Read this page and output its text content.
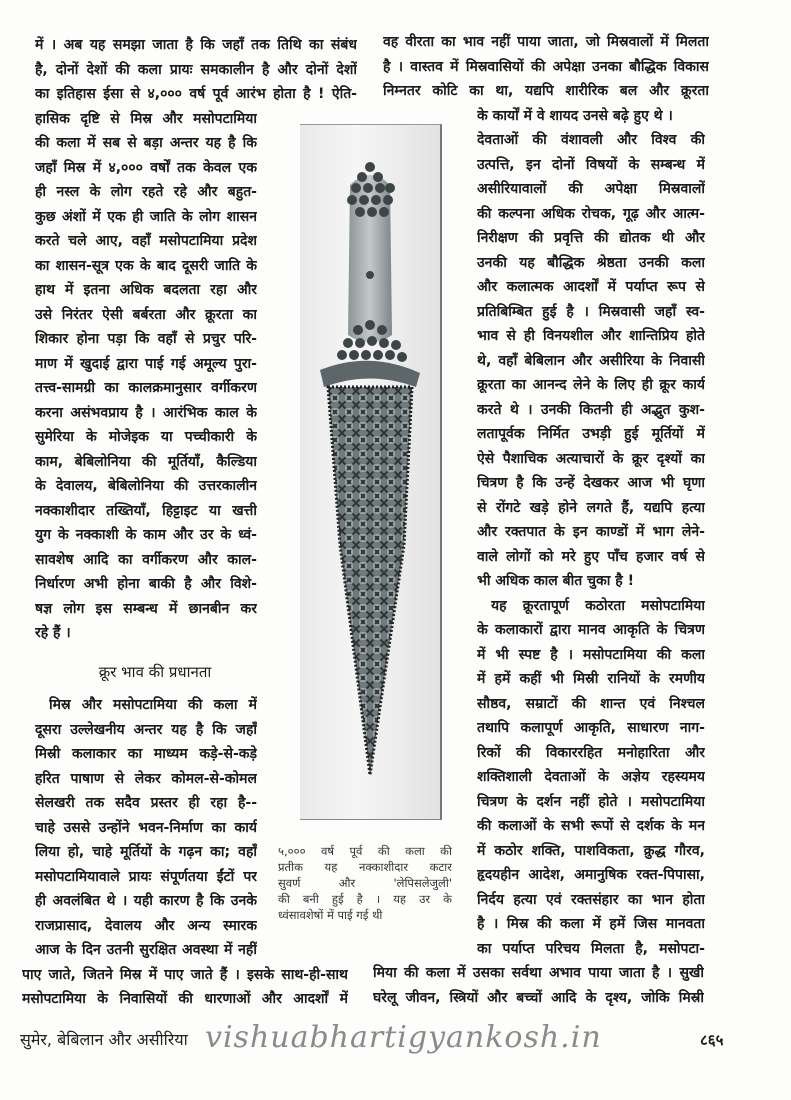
क्रूर भाव की प्रधानता
५,००० वर्ष पूर्व की कला की
प्रतीक यह नक्काशीदार कटार
सुवर्ण और 'लेपिसलेजुली'
की बनी हुई है । यह उर के
ध्वंसावशेषों में पाई गई थी
सुमेर, बेबिलान और असीरिया vishuabhartigyankosh.in	८६५
में । अब यह समझा जाता है कि जहाँ तक तिथि का संबंध
है, दोनों देशों की कला प्रायः समकालीन है और दोनों देशों
का इतिहास ईसा से ४,००० वर्ष पूर्व आरंभ होता है ! ऐति-
हासिक दृष्टि से मिस्र और मसोपटामिया
की कला में सब से बड़ा अन्तर यह है कि
जहाँ मिस्र में ४,००० वर्षों तक केवल एक
ही नस्ल के लोग रहते रहे और बहुत-
कुछ अंशों में एक ही जाति के लोग शासन
करते चले आए, वहाँ मसोपटामिया प्रदेश
का शासन-सूत्र एक के बाद दूसरी जाति के
हाथ में इतना अधिक बदलता रहा और
उसे निरंतर ऐसी बर्बरता और क्रूरता का
शिकार होना पड़ा कि वहाँ से प्रचुर परि-
माण में खुदाई द्वारा पाई गई अमूल्य पुरा-
तत्त्व-सामग्री का कालक्रमानुसार वर्गीकरण
करना असंभवप्राय है । आरंभिक काल के
सुमेरिया के मोजेइक या पच्चीकारी के
काम, बेबिलोनिया की मूर्तियाँ, कैल्डिया
के देवालय, बेबिलोनिया की उत्तरकालीन
नक्काशीदार तख्तियाँ, हिट्टाइट या खत्ती
युग के नक्काशी के काम और उर के ध्वं-
सावशेष आदि का वर्गीकरण और काल-
निर्धारण अभी होना बाकी है और विशे-
षज्ञ लोग इस सम्बन्ध में छानबीन कर
रहे हैं ।
मिस्र और मसोपटामिया की कला में
दूसरा उल्लेखनीय अन्तर यह है कि जहाँ
मिस्री कलाकार का माध्यम कड़े-से-कड़े
हरित पाषाण से लेकर कोमल-से-कोमल
सेलखरी तक सदैव प्रस्तर ही रहा है--
चाहे उससे उन्होंने भवन-निर्माण का कार्य
लिया हो, चाहे मूर्तियों के गढ़न का; वहाँ
मसोपटामियावाले प्रायः संपूर्णतया ईंटों पर
ही अवलंबित थे । यही कारण है कि उनके
राजप्रासाद, देवालय और अन्य स्मारक
आज के दिन उतनी सुरक्षित अवस्था में नहीं
पाए जाते, जितने मिस्र में पाए जाते हैं । इसके साथ-ही-साथ
मसोपटामिया के निवासियों की धारणाओं और आदर्शों में
वह वीरता का भाव नहीं पाया जाता, जो मिस्रवालों में मिलता
है । वास्तव में मिस्रवासियों की अपेक्षा उनका बौद्धिक विकास
निम्नतर कोटि का था, यद्यपि शारीरिक बल और क्रूरता
के कार्यों में वे शायद उनसे बढ़े हुए थे ।
देवताओं की वंशावली और विश्व की
उत्पत्ति, इन दोनों विषयों के सम्बन्ध में
असीरियावालों की अपेक्षा मिस्रवालों
की कल्पना अधिक रोचक, गूढ़ और आत्म-
निरीक्षण की प्रवृत्ति की द्योतक थी और
उनकी यह बौद्धिक श्रेष्ठता उनकी कला
और कलात्मक आदर्शों में पर्याप्त रूप से
प्रतिबिम्बित हुई है । मिस्रवासी जहाँ स्व-
भाव से ही विनयशील और शान्तिप्रिय होते
थे, वहाँ बेबिलान और असीरिया के निवासी
क्रूरता का आनन्द लेने के लिए ही क्रूर कार्य
करते थे । उनकी कितनी ही अद्भुत कुश-
लतापूर्वक निर्मित उभड़ी हुई मूर्तियों में
ऐसे पैशाचिक अत्याचारों के क्रूर दृश्यों का
चित्रण है कि उन्हें देखकर आज भी घृणा
से रोंगटे खड़े होने लगते हैं, यद्यपि हत्या
और रक्तपात के इन काण्डों में भाग लेने-
वाले लोगों को मरे हुए पाँच हजार वर्ष से
भी अधिक काल बीत चुका है !
यह क्रूरतापूर्ण कठोरता मसोपटामिया
के कलाकारों द्वारा मानव आकृति के चित्रण
में भी स्पष्ट है । मसोपटामिया की कला
में हमें कहीं भी मिस्री रानियों के रमणीय
सौष्ठव, सम्राटों की शान्त एवं निश्चल
तथापि कलापूर्ण आकृति, साधारण नाग-
रिकों की विकाररहित मनोहारिता और
शक्तिशाली देवताओं के अज्ञेय रहस्यमय
चित्रण के दर्शन नहीं होते । मसोपटामिया
की कलाओं के सभी रूपों से दर्शक के मन
में कठोर शक्ति, पाशविकता, क्रुद्ध गौरव,
हृदयहीन आदेश, अमानुषिक रक्त-पिपासा,
निर्दय हत्या एवं रक्तसंहार का भान होता
है । मिस्र की कला में हमें जिस मानवता
का पर्याप्त परिचय मिलता है, मसोपटा-
मिया की कला में उसका सर्वथा अभाव पाया जाता है । सुखी
घरेलू जीवन, स्त्रियों और बच्चों आदि के दृश्य, जोकि मिस्री
